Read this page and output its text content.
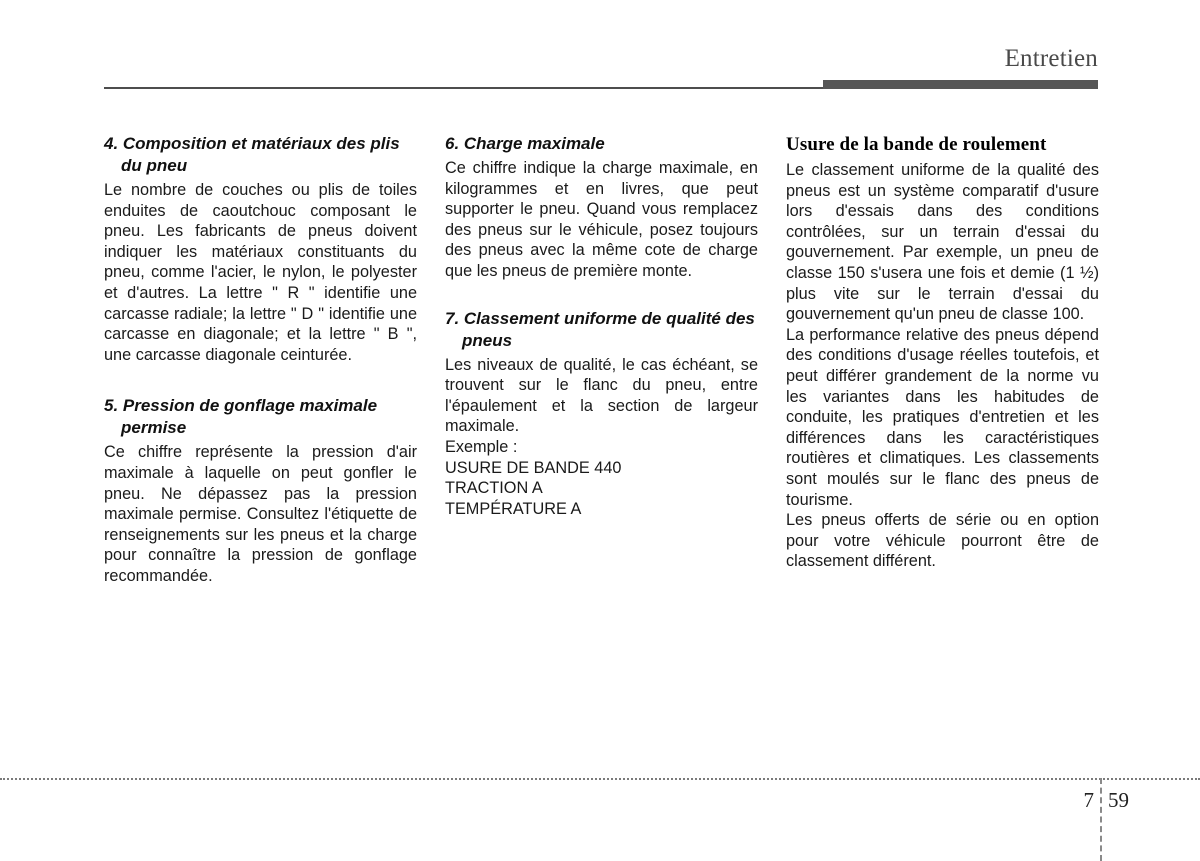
Entretien
4. Composition et matériaux des plis du pneu

Le nombre de couches ou plis de toiles enduites de caoutchouc composant le pneu. Les fabricants de pneus doivent indiquer les matériaux constituants du pneu, comme l'acier, le nylon, le polyester et d'autres. La lettre " R " identifie une carcasse radiale; la lettre " D " identifie une carcasse en diagonale; et la lettre " B ", une carcasse diagonale ceinturée.

5. Pression de gonflage maximale permise

Ce chiffre représente la pression d'air maximale à laquelle on peut gonfler le pneu. Ne dépassez pas la pression maximale permise. Consultez l'étiquette de renseignements sur les pneus et la charge pour connaître la pression de gonflage recommandée.

6. Charge maximale

Ce chiffre indique la charge maximale, en kilogrammes et en livres, que peut supporter le pneu. Quand vous remplacez des pneus sur le véhicule, posez toujours des pneus avec la même cote de charge que les pneus de première monte.

7. Classement uniforme de qualité des pneus

Les niveaux de qualité, le cas échéant, se trouvent sur le flanc du pneu, entre l'épaulement et la section de largeur maximale.

Exemple :

USURE DE BANDE 440

TRACTION A

TEMPÉRATURE A

Usure de la bande de roulement

Le classement uniforme de la qualité des pneus est un système comparatif d'usure lors d'essais dans des conditions contrôlées, sur un terrain d'essai du gouvernement. Par exemple, un pneu de classe 150 s'usera une fois et demie (1 ½) plus vite sur le terrain d'essai du gouvernement qu'un pneu de classe 100.

La performance relative des pneus dépend des conditions d'usage réelles toutefois, et peut différer grandement de la norme vu les variantes dans les habitudes de conduite, les pratiques d'entretien et les différences dans les caractéristiques routières et climatiques. Les classements sont moulés sur le flanc des pneus de tourisme.

Les pneus offerts de série ou en option pour votre véhicule pourront être de classement différent.

7 59
